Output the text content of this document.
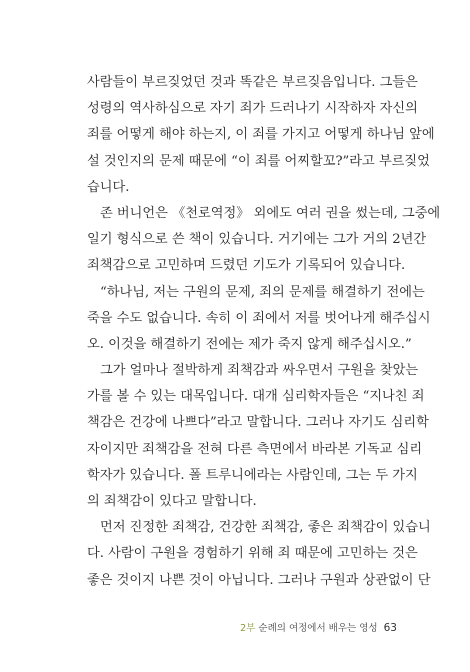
사람들이 부르짖었던 것과 똑같은 부르짖음입니다. 그들은
성령의 역사하심으로 자기 죄가 드러나기 시작하자 자신의
죄를 어떻게 해야 하는지, 이 죄를 가지고 어떻게 하나님 앞에
설 것인지의 문제 때문에 “이 죄를 어찌할꼬?”라고 부르짖었
습니다.

존 버니언은 《천로역정》 외에도 여러 권을 썼는데, 그중에
일기 형식으로 쓴 책이 있습니다. 거기에는 그가 거의 2년간
죄책감으로 고민하며 드렸던 기도가 기록되어 있습니다.

“하나님, 저는 구원의 문제, 죄의 문제를 해결하기 전에는
죽을 수도 없습니다. 속히 이 죄에서 저를 벗어나게 해주십시
오. 이것을 해결하기 전에는 제가 죽지 않게 해주십시오.”

그가 얼마나 절박하게 죄책감과 싸우면서 구원을 찾았는
가를 볼 수 있는 대목입니다. 대개 심리학자들은 “지나친 죄
책감은 건강에 나쁘다”라고 말합니다. 그러나 자기도 심리학
자이지만 죄책감을 전혀 다른 측면에서 바라본 기독교 심리
학자가 있습니다. 폴 트루니에라는 사람인데, 그는 두 가지
의 죄책감이 있다고 말합니다.

먼저 진정한 죄책감, 건강한 죄책감, 좋은 죄책감이 있습니
다. 사람이 구원을 경험하기 위해 죄 때문에 고민하는 것은
좋은 것이지 나쁜 것이 아닙니다. 그러나 구원과 상관없이 단

2부 순례의 여정에서 배우는 영성 63
